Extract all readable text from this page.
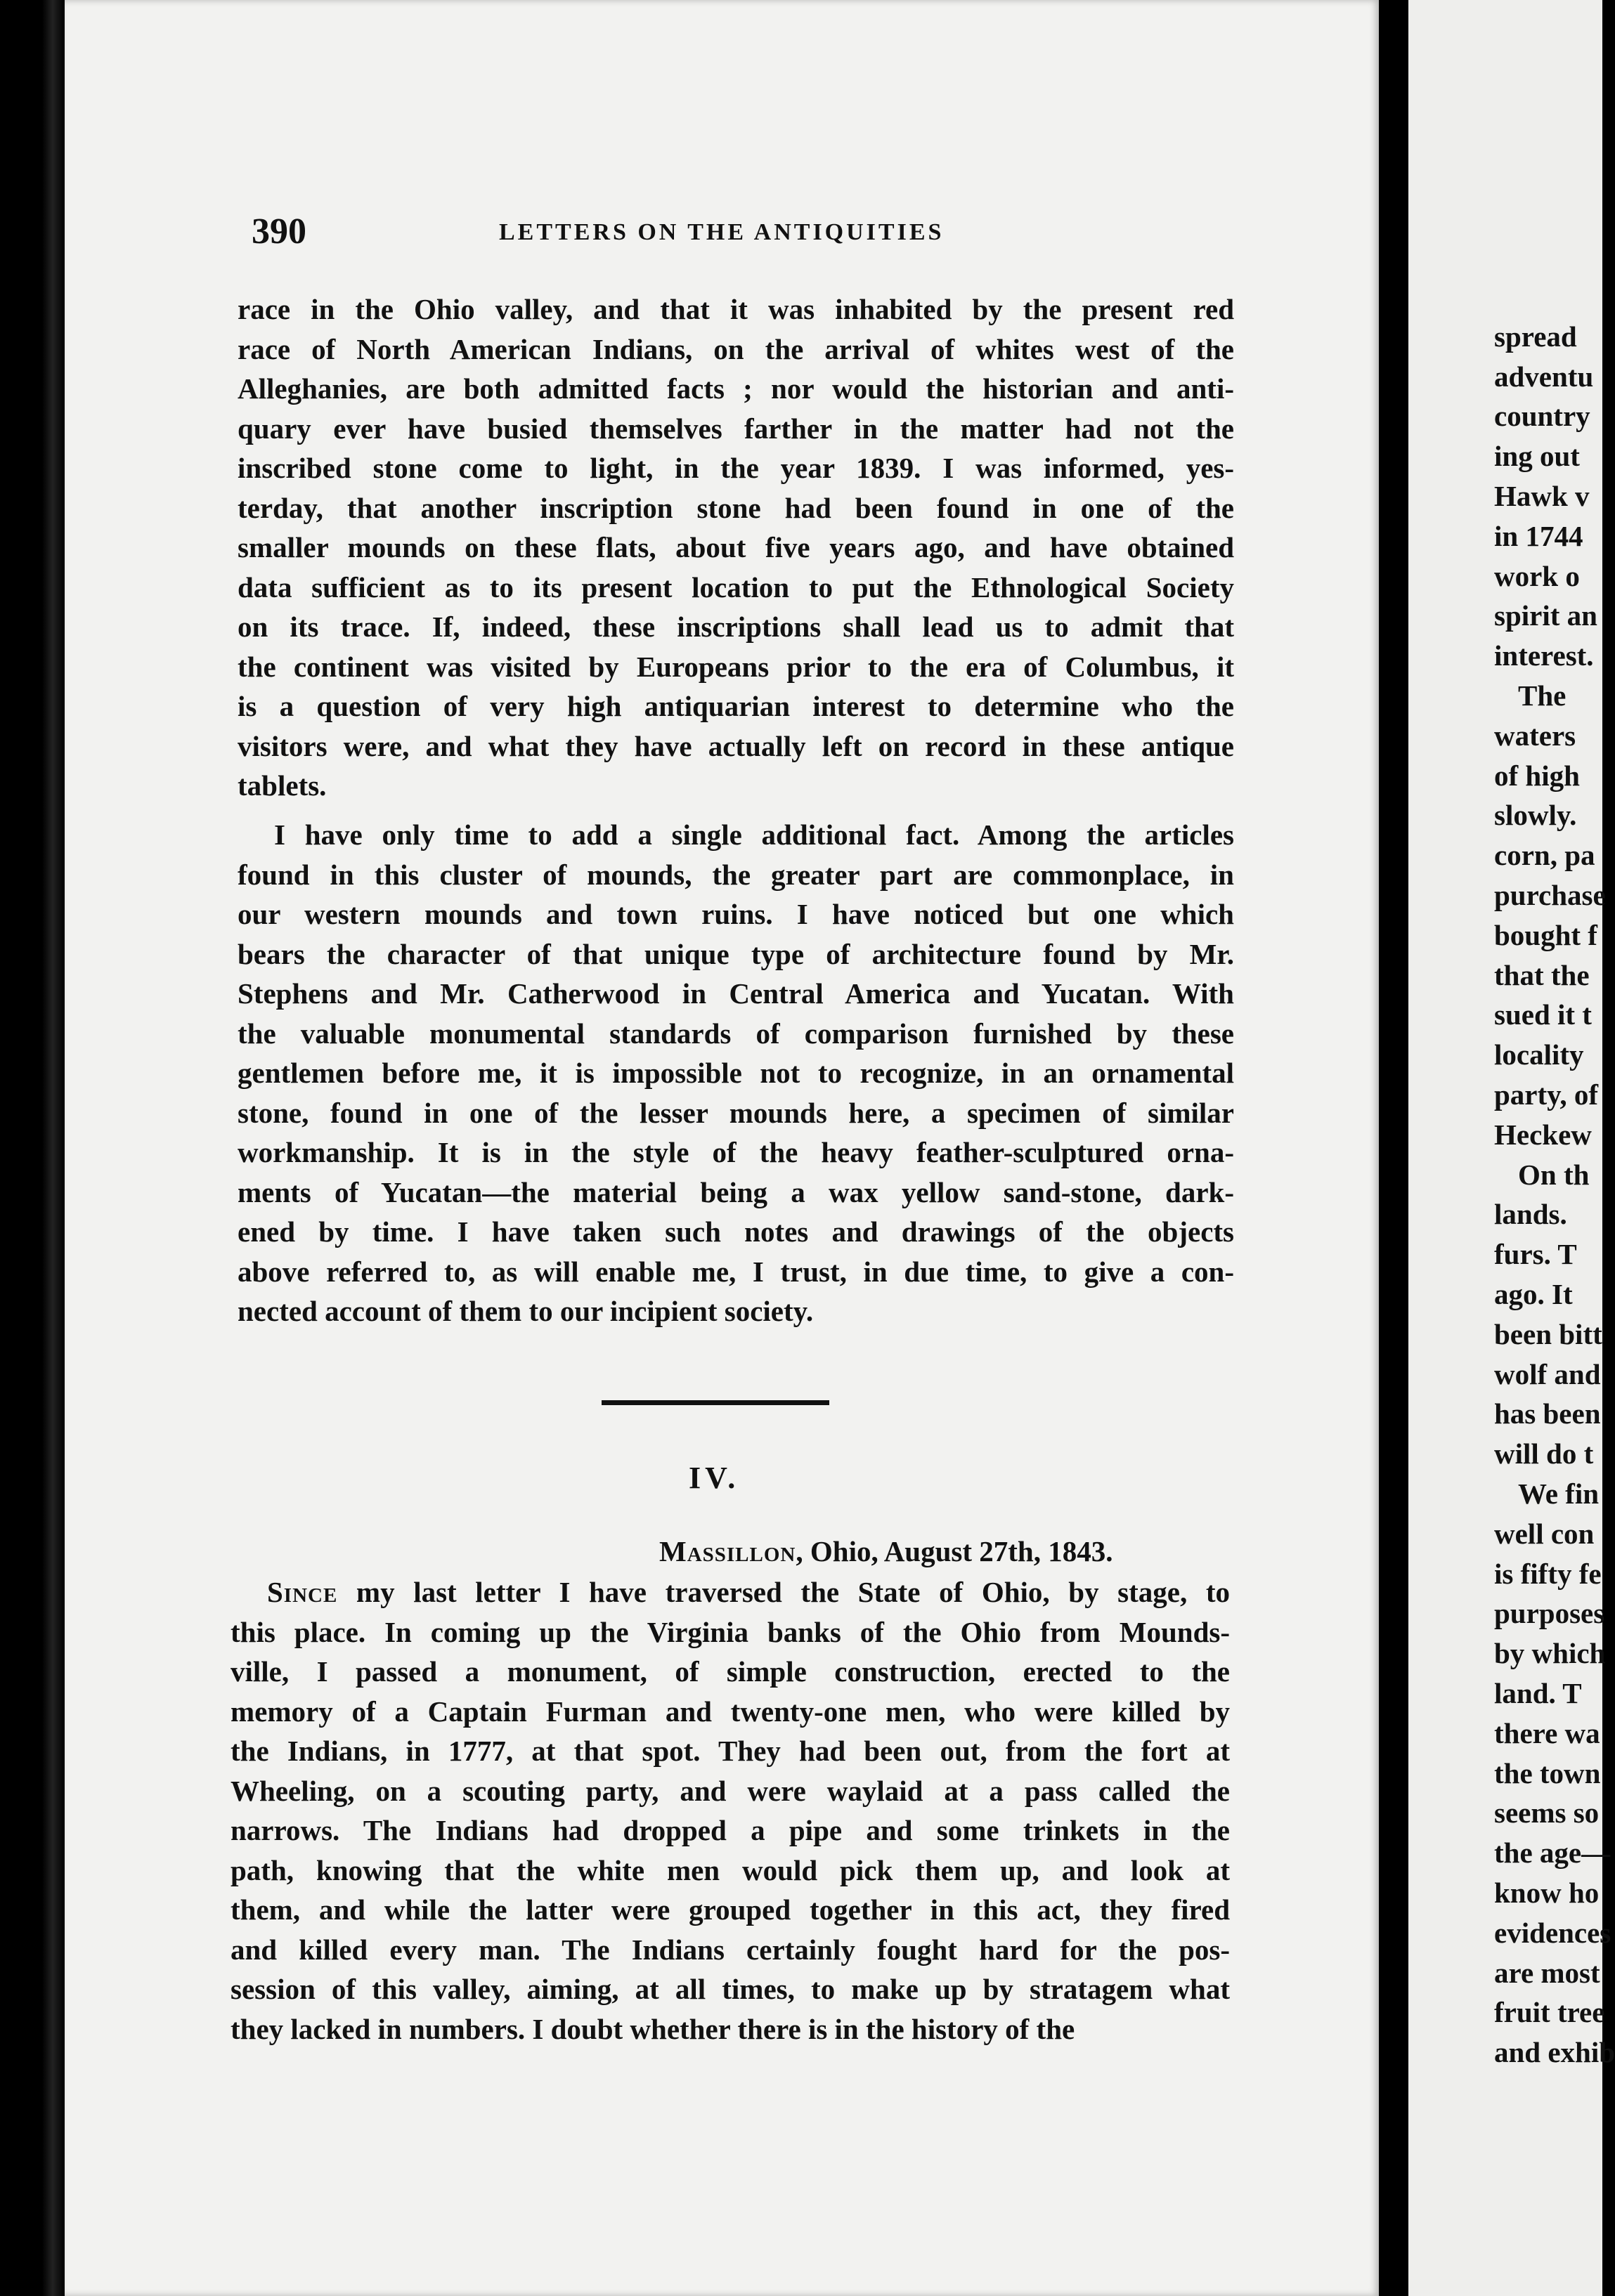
390	LETTERS ON THE ANTIQUITIES
race in the Ohio valley, and that it was inhabited by the present red
race of North American Indians, on the arrival of whites west of the
Alleghanies, are both admitted facts ; nor would the historian and anti-
quary ever have busied themselves farther in the matter had not the
inscribed stone come to light, in the year 1839. I was informed, yes-
terday, that another inscription stone had been found in one of the
smaller mounds on these flats, about five years ago, and have obtained
data sufficient as to its present location to put the Ethnological Society
on its trace. If, indeed, these inscriptions shall lead us to admit that
the continent was visited by Europeans prior to the era of Columbus, it
is a question of very high antiquarian interest to determine who the
visitors were, and what they have actually left on record in these antique
tablets.
I have only time to add a single additional fact. Among the articles
found in this cluster of mounds, the greater part are commonplace, in
our western mounds and town ruins. I have noticed but one which
bears the character of that unique type of architecture found by Mr.
Stephens and Mr. Catherwood in Central America and Yucatan. With
the valuable monumental standards of comparison furnished by these
gentlemen before me, it is impossible not to recognize, in an ornamental
stone, found in one of the lesser mounds here, a specimen of similar
workmanship. It is in the style of the heavy feather-sculptured orna-
ments of Yucatan—the material being a wax yellow sand-stone, dark-
ened by time. I have taken such notes and drawings of the objects
above referred to, as will enable me, I trust, in due time, to give a con-
nected account of them to our incipient society.
IV.
Massillon, Ohio, August 27th, 1843.
Since my last letter I have traversed the State of Ohio, by stage, to
this place. In coming up the Virginia banks of the Ohio from Mounds-
ville, I passed a monument, of simple construction, erected to the
memory of a Captain Furman and twenty-one men, who were killed by
the Indians, in 1777, at that spot. They had been out, from the fort at
Wheeling, on a scouting party, and were waylaid at a pass called the
narrows. The Indians had dropped a pipe and some trinkets in the
path, knowing that the white men would pick them up, and look at
them, and while the latter were grouped together in this act, they fired
and killed every man. The Indians certainly fought hard for the pos-
session of this valley, aiming, at all times, to make up by stratagem what
they lacked in numbers. I doubt whether there is in the history of the
spread
adventu
country
ing out
Hawk v
in 1744
work o
spirit an
interest.
The
waters
of high
slowly.
corn, pa
purchase
bought f
that the
sued it t
locality
party, of
Heckew
On th
lands.
furs. T
ago. It
been bitt
wolf and
has been
will do t
We fin
well con
is fifty fe
purposes
by which
land. T
there wa
the town
seems so
the age—
know ho
evidences
are most
fruit tree
and exhib
